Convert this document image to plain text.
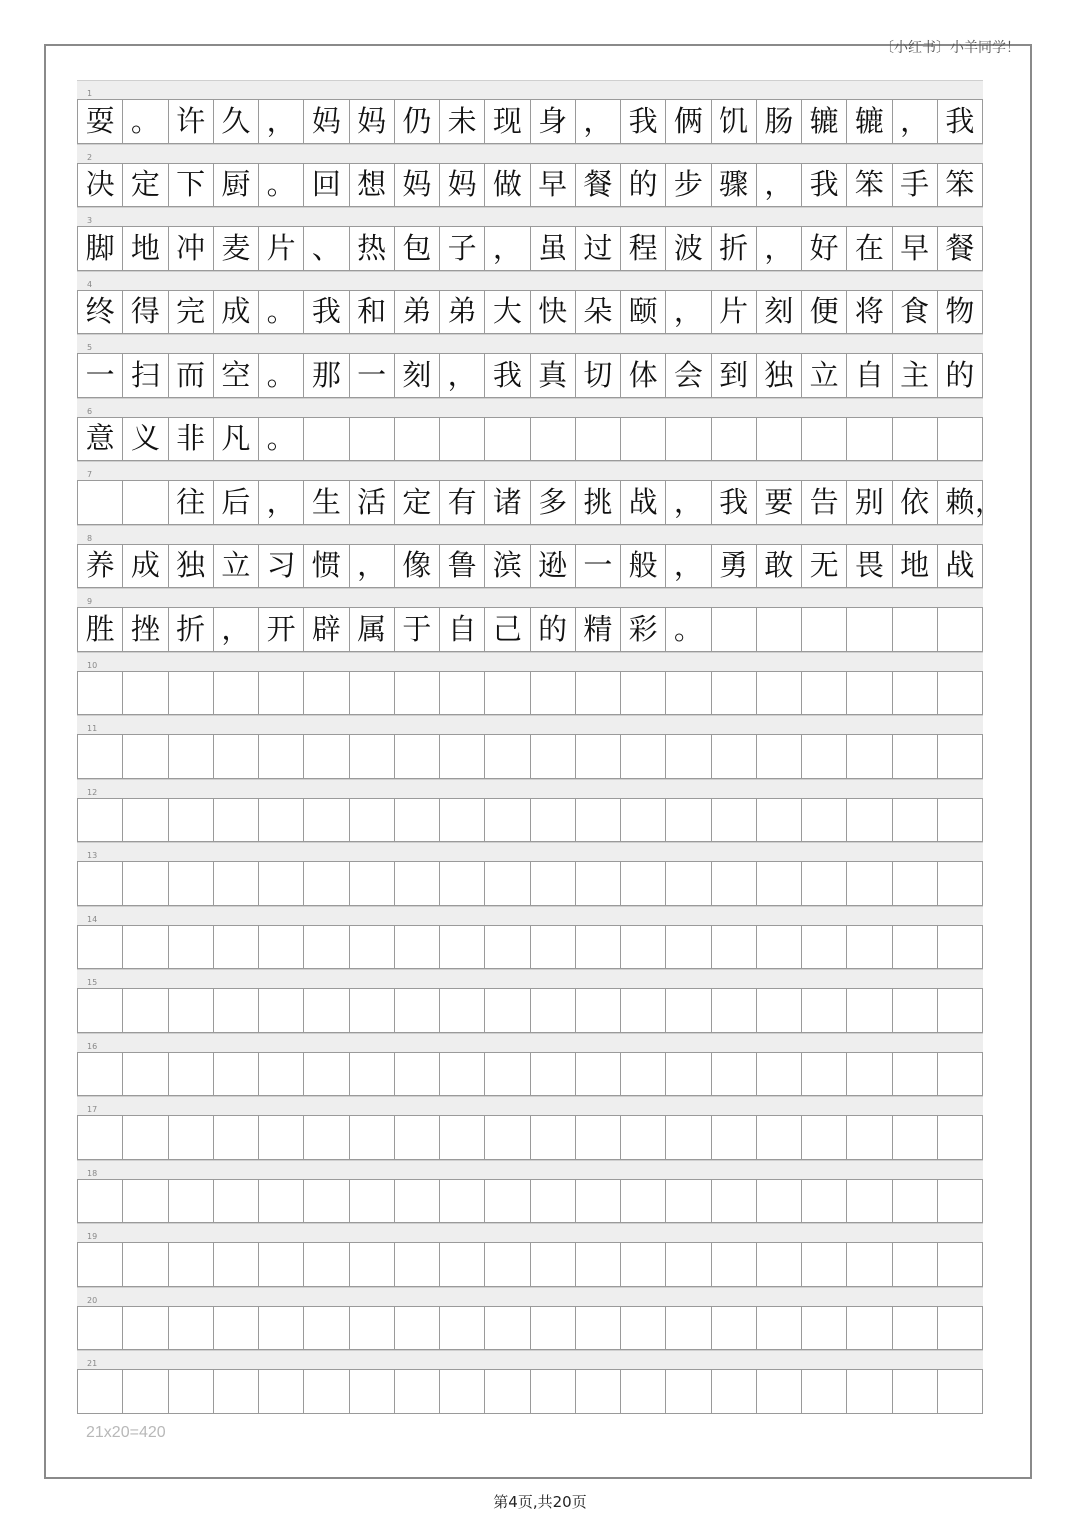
〔小红书〕小羊同学！
1
耍 。 许 久 ， 妈 妈 仍 未 现 身 ， 我 俩 饥 肠 辘 辘 ， 我
2
决 定 下 厨 。 回 想 妈 妈 做 早 餐 的 步 骤 ， 我 笨 手 笨
3
脚 地 冲 麦 片 、 热 包 子 ， 虽 过 程 波 折 ， 好 在 早 餐
4
终 得 完 成 。 我 和 弟 弟 大 快 朵 颐 ， 片 刻 便 将 食 物
5
一 扫 而 空 。 那 一 刻 ， 我 真 切 体 会 到 独 立 自 主 的
6
意 义 非 凡 。
7
往 后 ， 生 活 定 有 诸 多 挑 战 ， 我 要 告 别 依 赖 ，
8
养 成 独 立 习 惯 ， 像 鲁 滨 逊 一 般 ， 勇 敢 无 畏 地 战
9
胜 挫 折 ， 开 辟 属 于 自 己 的 精 彩 。
10
11
12
13
14
15
16
17
18
19
20
21
21x20=420
第4页,共20页
